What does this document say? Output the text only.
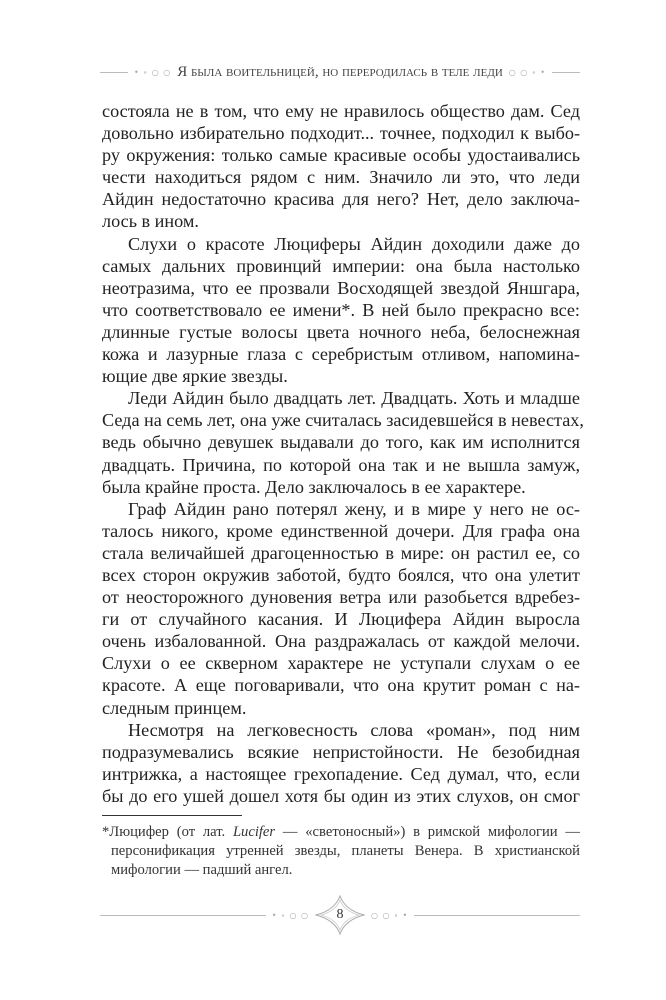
• ∘ ○ ○ Я была воительницей, но переродилась в теле леди ○ ○ ∘ •
состояла не в том, что ему не нравилось общество дам. Сед
довольно избирательно подходит... точнее, подходил к выбо-
ру окружения: только самые красивые особы удостаивались
чести находиться рядом с ним. Значило ли это, что леди
Айдин недостаточно красива для него? Нет, дело заключа-
лось в ином.
Слухи о красоте Люциферы Айдин доходили даже до
самых дальних провинций империи: она была настолько
неотразима, что ее прозвали Восходящей звездой Яншгара,
что соответствовало ее имени*. В ней было прекрасно все:
длинные густые волосы цвета ночного неба, белоснежная
кожа и лазурные глаза с серебристым отливом, напомина-
ющие две яркие звезды.
Леди Айдин было двадцать лет. Двадцать. Хоть и младше
Седа на семь лет, она уже считалась засидевшейся в невестах,
ведь обычно девушек выдавали до того, как им исполнится
двадцать. Причина, по которой она так и не вышла замуж,
была крайне проста. Дело заключалось в ее характере.
Граф Айдин рано потерял жену, и в мире у него не ос-
талось никого, кроме единственной дочери. Для графа она
стала величайшей драгоценностью в мире: он растил ее, со
всех сторон окружив заботой, будто боялся, что она улетит
от неосторожного дуновения ветра или разобьется вдребез-
ги от случайного касания. И Люцифера Айдин выросла
очень избалованной. Она раздражалась от каждой мелочи.
Слухи о ее скверном характере не уступали слухам о ее
красоте. А еще поговаривали, что она крутит роман с на-
следным принцем.
Несмотря на легковесность слова «роман», под ним
подразумевались всякие непристойности. Не безобидная
интрижка, а настоящее грехопадение. Сед думал, что, если
бы до его ушей дошел хотя бы один из этих слухов, он смог
*Люцифер (от лат. Lucifer — «светоносный») в римской мифологии —
персонификация утренней звезды, планеты Венера. В христианской
мифологии — падший ангел.
• ∘ ○ ○ 8	○ ○ ∘ •
